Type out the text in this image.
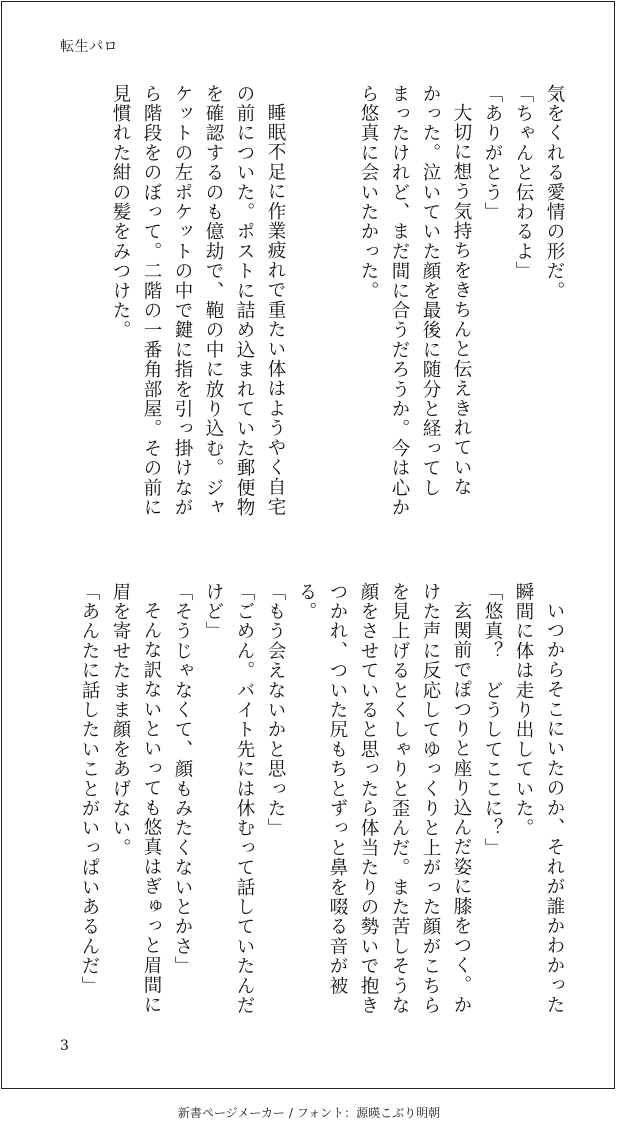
転生パロ

気をくれる愛情の形だ。

「ちゃんと伝わるよ」

「ありがとう」

大切に想う気持ちをきちんと伝えきれていな

かった。泣いていた顔を最後に随分と経ってし

まったけれど、まだ間に合うだろうか。今は心か

ら悠真に会いたかった。

睡眠不足に作業疲れで重たい体はようやく自宅

の前についた。ポストに詰め込まれていた郵便物

を確認するのも億劫で、鞄の中に放り込む。ジャ

ケットの左ポケットの中で鍵に指を引っ掛けなが

ら階段をのぼって。二階の一番角部屋。その前に

見慣れた紺の髪をみつけた。

いつからそこにいたのか、それが誰かわかった

瞬間に体は走り出していた。

「悠真？　どうしてここに？」

玄関前でぽつりと座り込んだ姿に膝をつく。か

けた声に反応してゆっくりと上がった顔がこちら

を見上げるとくしゃりと歪んだ。また苦しそうな

顔をさせていると思ったら体当たりの勢いで抱き

つかれ、ついた尻もちとずっと鼻を啜る音が被

る。

「もう会えないかと思った」

「ごめん。バイト先には休むって話していたんだ

けど」

「そうじゃなくて、顔もみたくないとかさ」

そんな訳ないといっても悠真はぎゅっと眉間に

眉を寄せたまま顔をあげない。

「あんたに話したいことがいっぱいあるんだ」

3
新書ページメーカー / フォント：源暎こぶり明朝
